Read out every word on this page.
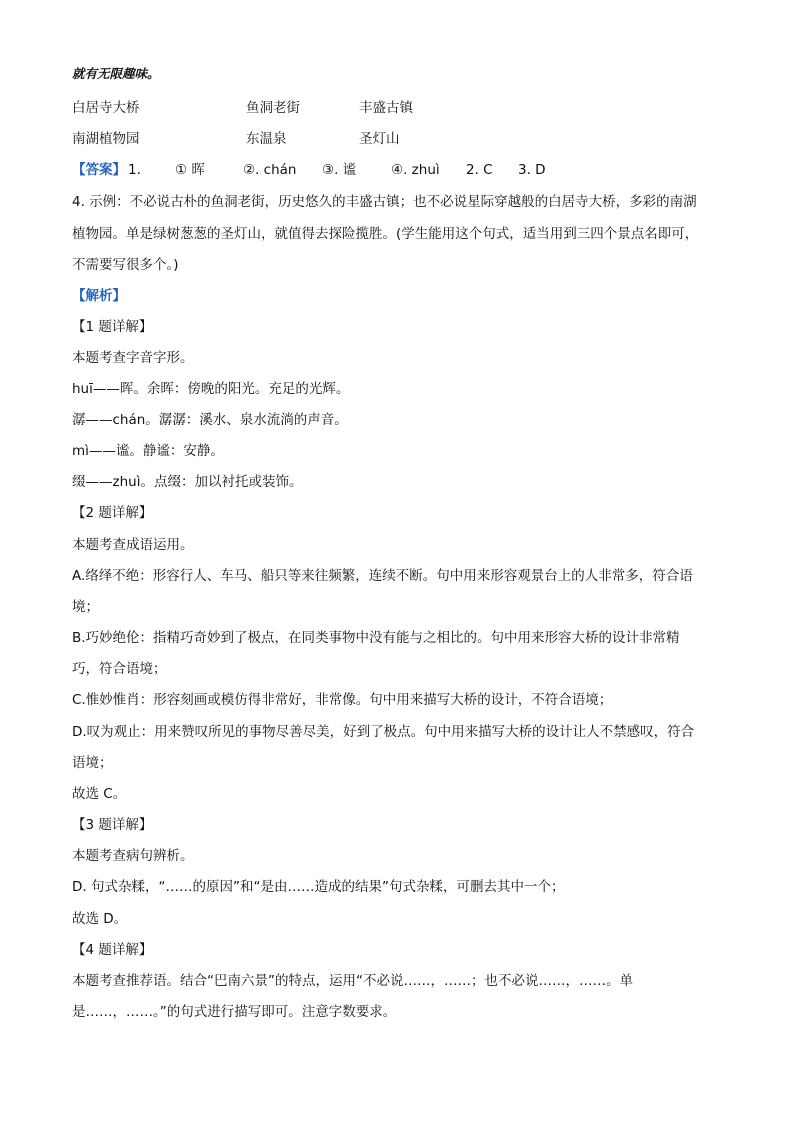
就有无限趣味。
白居寺大桥	鱼洞老街	丰盛古镇
南湖植物园	东温泉	圣灯山
【答案】 1.	① 晖	②. chán ③. 谧	④. zhuì 2. C 3. D
4. 示例：不必说古朴的鱼洞老街，历史悠久的丰盛古镇；也不必说星际穿越般的白居寺大桥，多彩的南湖
植物园。单是绿树葱葱的圣灯山，就值得去探险揽胜。(学生能用这个句式，适当用到三四个景点名即可，
不需要写很多个。)
【解析】
【1 题详解】
本题考查字音字形。
huī——晖。余晖：傍晚的阳光。充足的光辉。
潺——chán。潺潺：溪水、泉水流淌的声音。
mì——谧。静谧：安静。
缀——zhuì。点缀：加以衬托或装饰。
【2 题详解】
本题考查成语运用。
A.络绎不绝：形容行人、车马、船只等来往频繁，连续不断。句中用来形容观景台上的人非常多，符合语
境；
B.巧妙绝伦：指精巧奇妙到了极点，在同类事物中没有能与之相比的。句中用来形容大桥的设计非常精
巧，符合语境；
C.惟妙惟肖：形容刻画或模仿得非常好，非常像。句中用来描写大桥的设计，不符合语境；
D.叹为观止：用来赞叹所见的事物尽善尽美，好到了极点。句中用来描写大桥的设计让人不禁感叹，符合
语境；
故选 C。
【3 题详解】
本题考查病句辨析。
D. 句式杂糅，“……的原因”和“是由……造成的结果”句式杂糅，可删去其中一个；
故选 D。
【4 题详解】
本题考查推荐语。结合“巴南六景”的特点，运用“不必说……，……；也不必说……，……。单
是……，……。”的句式进行描写即可。注意字数要求。
